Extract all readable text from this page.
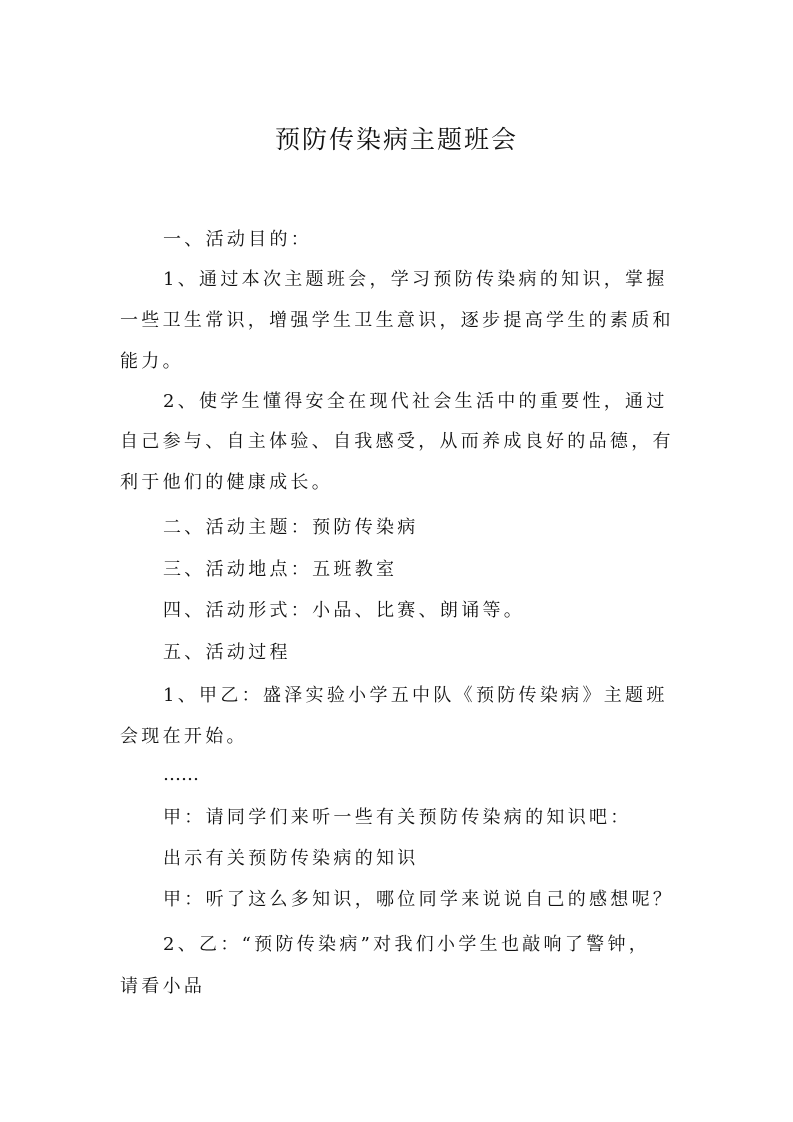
预防传染病主题班会
一、活动目的：
1、通过本次主题班会，学习预防传染病的知识，掌握
一些卫生常识，增强学生卫生意识，逐步提高学生的素质和
能力。
2、使学生懂得安全在现代社会生活中的重要性，通过
自己参与、自主体验、自我感受，从而养成良好的品德，有
利于他们的健康成长。
二、活动主题：预防传染病
三、活动地点：五班教室
四、活动形式：小品、比赛、朗诵等。
五、活动过程
1、甲乙：盛泽实验小学五中队《预防传染病》主题班
会现在开始。
……
甲：请同学们来听一些有关预防传染病的知识吧：
出示有关预防传染病的知识
甲：听了这么多知识，哪位同学来说说自己的感想呢？
2、乙：“预防传染病”对我们小学生也敲响了警钟，
请看小品
